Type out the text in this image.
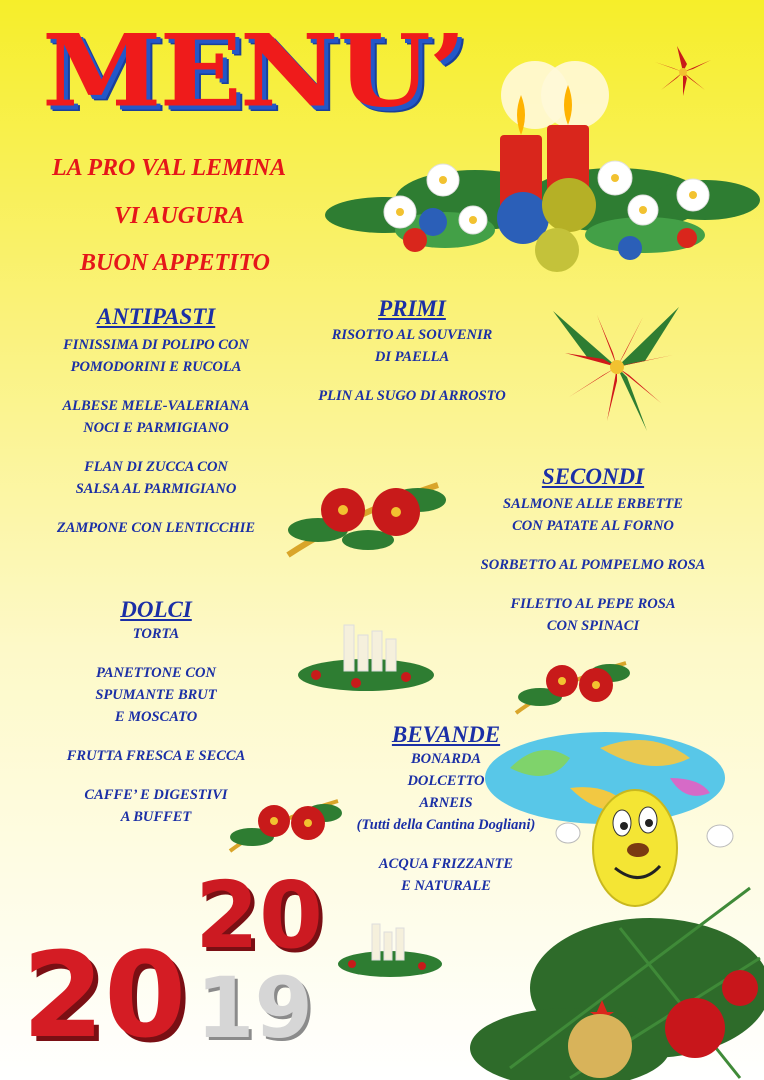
MENU’
LA PRO VAL LEMINA
VI AUGURA
BUON APPETITO
20
19
20
ANTIPASTI
FINISSIMA DI POLIPO CON
POMODORINI E RUCOLA
ALBESE MELE-VALERIANA
NOCI E PARMIGIANO
FLAN DI ZUCCA CON
SALSA AL PARMIGIANO
ZAMPONE CON LENTICCHIE
PRIMI
RISOTTO AL SOUVENIR
DI PAELLA
PLIN AL SUGO DI ARROSTO
SECONDI
SALMONE ALLE ERBETTE
CON PATATE AL FORNO
SORBETTO AL POMPELMO ROSA
FILETTO AL PEPE ROSA
CON SPINACI
DOLCI
TORTA
PANETTONE CON
SPUMANTE BRUT
E MOSCATO
FRUTTA FRESCA E SECCA
CAFFE’ E DIGESTIVI
A BUFFET
BEVANDE
BONARDA
DOLCETTO
ARNEIS
(Tutti della Cantina Dogliani)
ACQUA FRIZZANTE
E NATURALE
